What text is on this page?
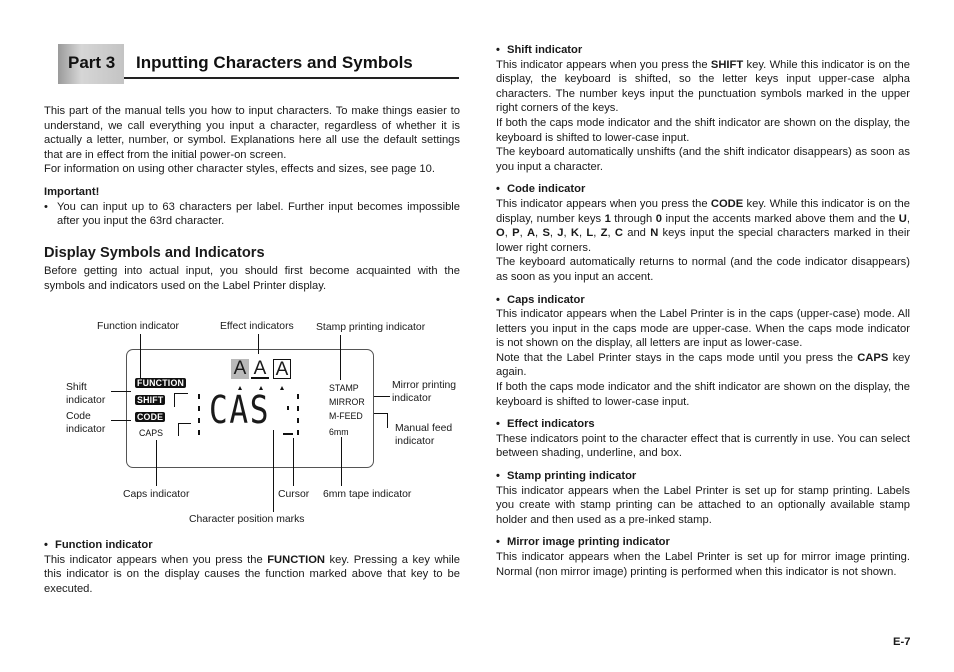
Part 3 Inputting Characters and Symbols

This part of the manual tells you how to input characters. To make things easier to understand, we call everything you input a character, regardless of whether it is actually a letter, number, or symbol. Explanations here all use the default settings that are in effect from the initial power-on screen.

For information on using other character styles, effects and sizes, see page 10.

Important!

• You can input up to 63 characters per label. Further input becomes impossible after you input the 63rd character.

Display Symbols and Indicators

Before getting into actual input, you should first become acquainted with the symbols and indicators used on the Label Printer display.

Function indicator	Effect indicators Stamp printing indicator
Shift
indicator
Code
indicator
Mirror printing
indicator
Manual feed
indicator
Caps indicator	Cursor 6mm tape indicator
Character position marks
FUNCTION
SHIFT
CODE
CAPS
STAMP
MIRROR
M-FEED
6mm
A A A
CAS

• Function indicator

This indicator appears when you press the FUNCTION key. Pressing a key while this indicator is on the display causes the function marked above that key to be executed.

• Shift indicator

This indicator appears when you press the SHIFT key. While this indicator is on the display, the keyboard is shifted, so the letter keys input upper-case alpha characters. The number keys input the punctuation symbols marked in the upper right corners of the keys.

If both the caps mode indicator and the shift indicator are shown on the display, the keyboard is shifted to lower-case input.

The keyboard automatically unshifts (and the shift indicator disappears) as soon as you input a character.

• Code indicator

This indicator appears when you press the CODE key. While this indicator is on the display, number keys 1 through 0 input the accents marked above them and the U, O, P, A, S, J, K, L, Z, C and N keys input the special characters marked in their lower right corners.

The keyboard automatically returns to normal (and the code indicator disappears) as soon as you input an accent.

• Caps indicator

This indicator appears when the Label Printer is in the caps (upper-case) mode. All letters you input in the caps mode are upper-case. When the caps mode indicator is not shown on the display, all letters are input as lower-case.

Note that the Label Printer stays in the caps mode until you press the CAPS key again.

If both the caps mode indicator and the shift indicator are shown on the display, the keyboard is shifted to lower-case input.

• Effect indicators

These indicators point to the character effect that is currently in use. You can select between shading, underline, and box.

• Stamp printing indicator

This indicator appears when the Label Printer is set up for stamp printing. Labels you create with stamp printing can be attached to an optionally available stamp holder and then used as a pre-inked stamp.

• Mirror image printing indicator

This indicator appears when the Label Printer is set up for mirror image printing. Normal (non mirror image) printing is performed when this indicator is not shown.

E-7
